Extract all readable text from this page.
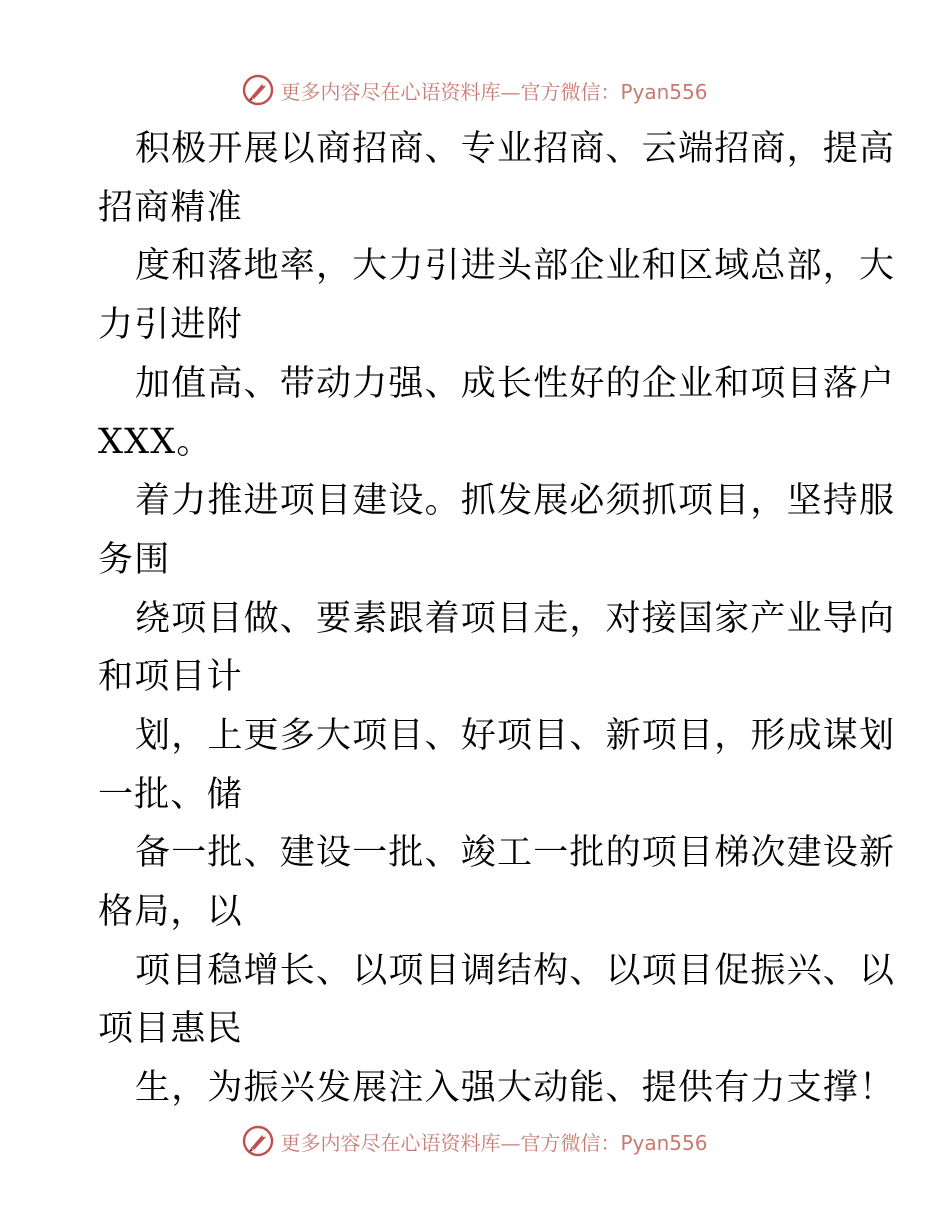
更多内容尽在心语资料库—官方微信：Pyan556
积极开展以商招商、专业招商、云端招商，提高
招商精准
度和落地率，大力引进头部企业和区域总部，大
力引进附
加值高、带动力强、成长性好的企业和项目落户
XXX。
着力推进项目建设。抓发展必须抓项目，坚持服
务围
绕项目做、要素跟着项目走，对接国家产业导向
和项目计
划，上更多大项目、好项目、新项目，形成谋划
一批、储
备一批、建设一批、竣工一批的项目梯次建设新
格局，以
项目稳增长、以项目调结构、以项目促振兴、以
项目惠民
生，为振兴发展注入强大动能、提供有力支撑！
更多内容尽在心语资料库—官方微信：Pyan556
